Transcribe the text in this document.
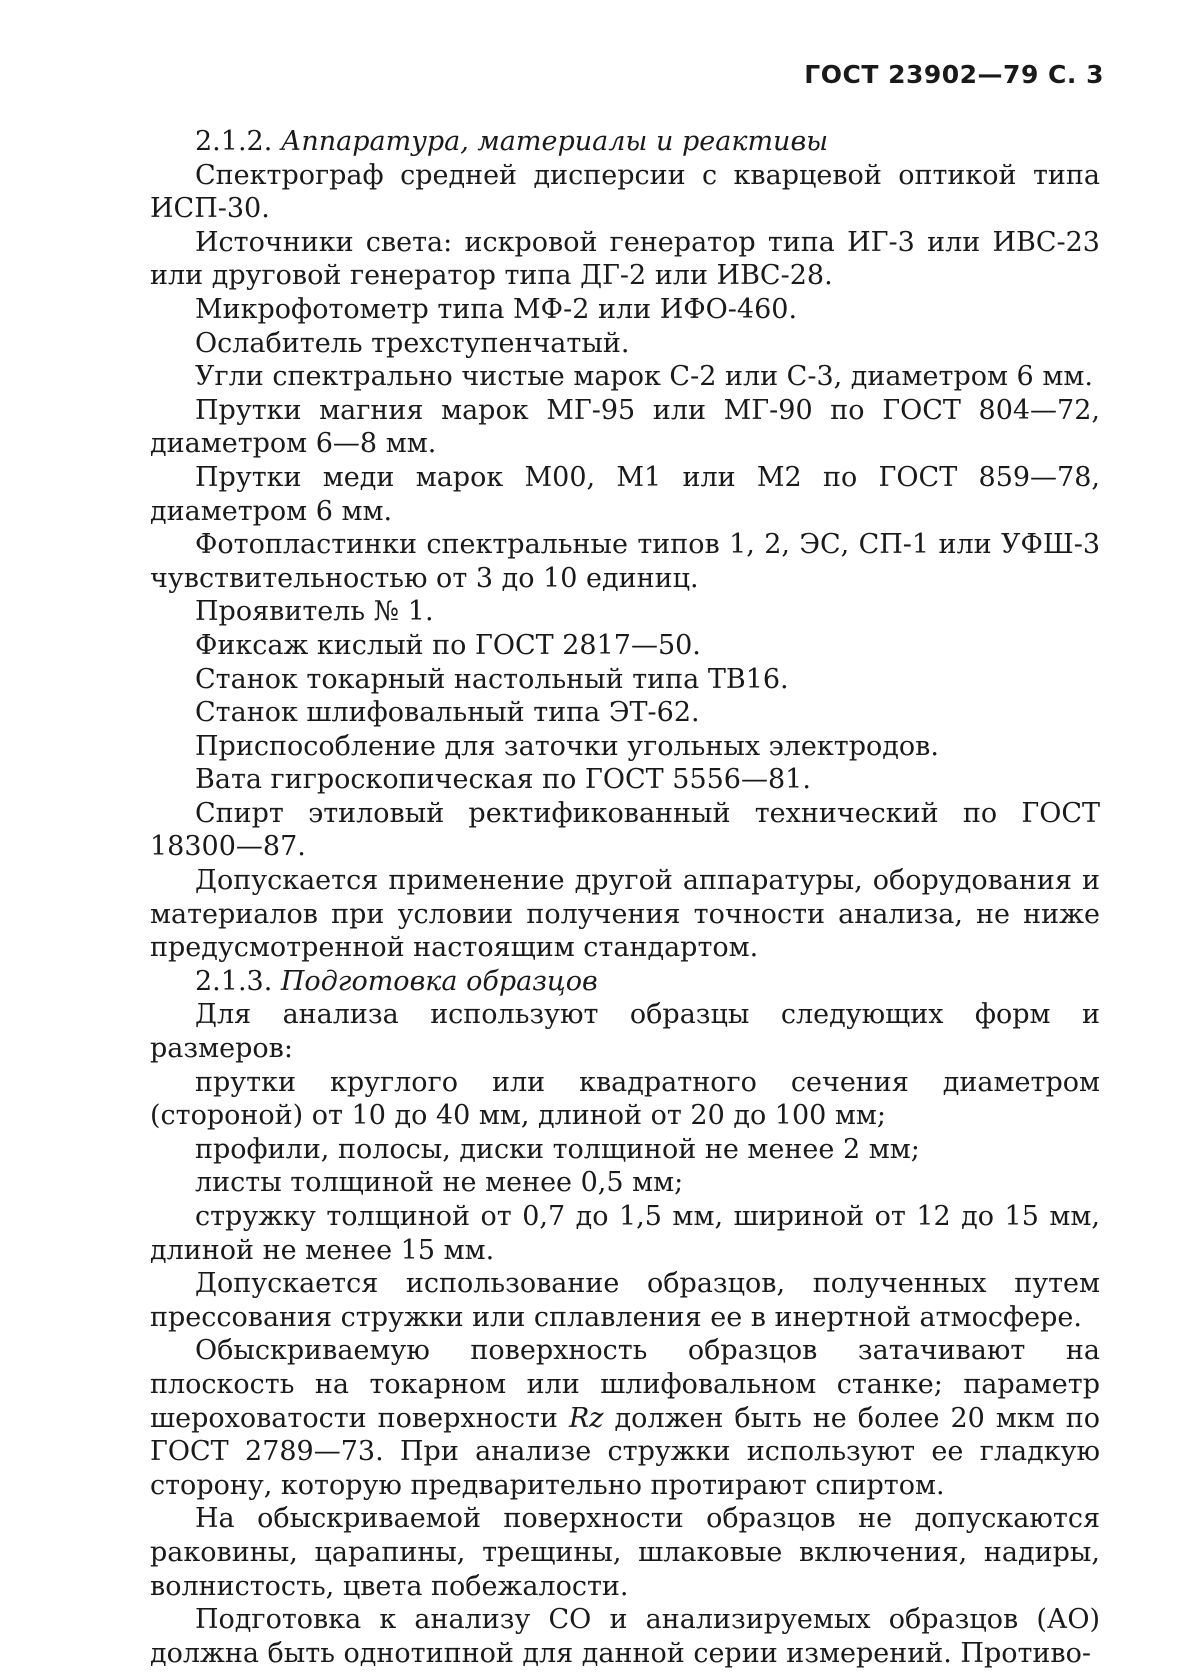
ГОСТ 23902—79 С. 3

2.1.2. Аппаратура, материалы и реактивы

Спектрограф средней дисперсии с кварцевой оптикой типа ИСП-30.

Источники света: искровой генератор типа ИГ-3 или ИВС-23 или друговой генератор типа ДГ-2 или ИВС-28.

Микрофотометр типа МФ-2 или ИФО-460.

Ослабитель трехступенчатый.

Угли спектрально чистые марок С-2 или С-3, диаметром 6 мм.

Прутки магния марок МГ-95 или МГ-90 по ГОСТ 804—72, диаметром 6—8 мм.

Прутки меди марок М00, М1 или М2 по ГОСТ 859—78, диаметром 6 мм.

Фотопластинки спектральные типов 1, 2, ЭС, СП-1 или УФШ-3 чувствительностью от 3 до 10 единиц.

Проявитель № 1.

Фиксаж кислый по ГОСТ 2817—50.

Станок токарный настольный типа ТВ16.

Станок шлифовальный типа ЭТ-62.

Приспособление для заточки угольных электродов.

Вата гигроскопическая по ГОСТ 5556—81.

Спирт этиловый ректификованный технический по ГОСТ 18300—87.

Допускается применение другой аппаратуры, оборудования и материалов при условии получения точности анализа, не ниже предусмотренной настоящим стандартом.

2.1.3. Подготовка образцов

Для анализа используют образцы следующих форм и размеров:

прутки круглого или квадратного сечения диаметром (стороной) от 10 до 40 мм, длиной от 20 до 100 мм;

профили, полосы, диски толщиной не менее 2 мм;

листы толщиной не менее 0,5 мм;

стружку толщиной от 0,7 до 1,5 мм, шириной от 12 до 15 мм, длиной не менее 15 мм.

Допускается использование образцов, полученных путем прессования стружки или сплавления ее в инертной атмосфере.

Обыскриваемую поверхность образцов затачивают на плоскость на токарном или шлифовальном станке; параметр шероховатости поверхности Rz должен быть не более 20 мкм по ГОСТ 2789—73. При анализе стружки используют ее гладкую сторону, которую предварительно протирают спиртом.

На обыскриваемой поверхности образцов не допускаются раковины, царапины, трещины, шлаковые включения, надиры, волнистость, цвета побежалости.

Подготовка к анализу СО и анализируемых образцов (АО) должна быть однотипной для данной серии измерений. Противо-
